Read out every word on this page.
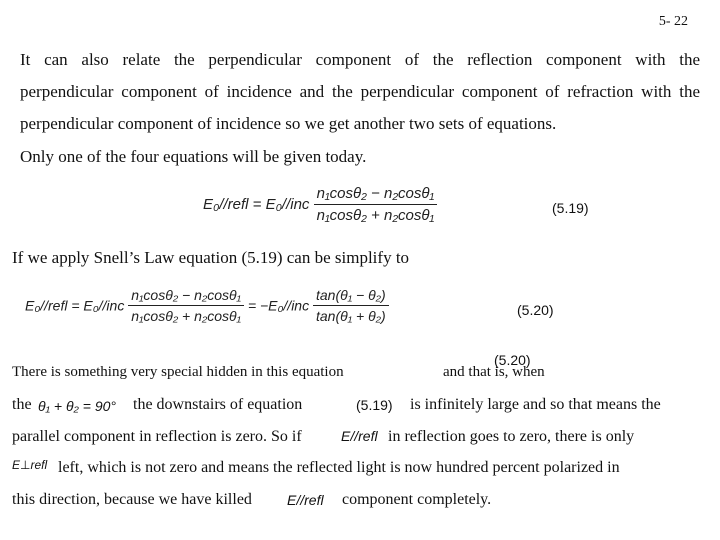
5- 22
It can also relate the perpendicular component of the reflection component with the
perpendicular component of incidence and the perpendicular component of refraction with the
perpendicular component of incidence so we get another two sets of equations.
Only one of the four equations will be given today.
E₀//refl = $E_0//inc \frac{\text{n₁cosθ₂ − n₂cosθ₁}}{\text{n₁cosθ₂ + n₂cosθ₁}}$	(5.19)
If we apply Snell’s Law equation (5.19) can be simplify to
E₀//refl = $E_0//inc \frac{\text{n₁cosθ₂ − n₂cosθ₁}}{\text{n₁cosθ₂ + n₂cosθ₁}} = -E_0//inc \frac{\text{tan(θ₁ − θ₂)}}{\text{tan(θ₁ + θ₂)}}$	(5.20)
There is something very special hidden in this equation
(5.20)
and that is, when
the θ₁ + θ₂ = 90° the downstairs of equation	(5.19) is infinitely large and so that means the
parallel component in reflection is zero. So if	E//refl in reflection goes to zero, there is only
E⊥refl left, which is not zero and means the reflected light is now hundred percent polarized in
this direction, because we have killed	E//refl component completely.
